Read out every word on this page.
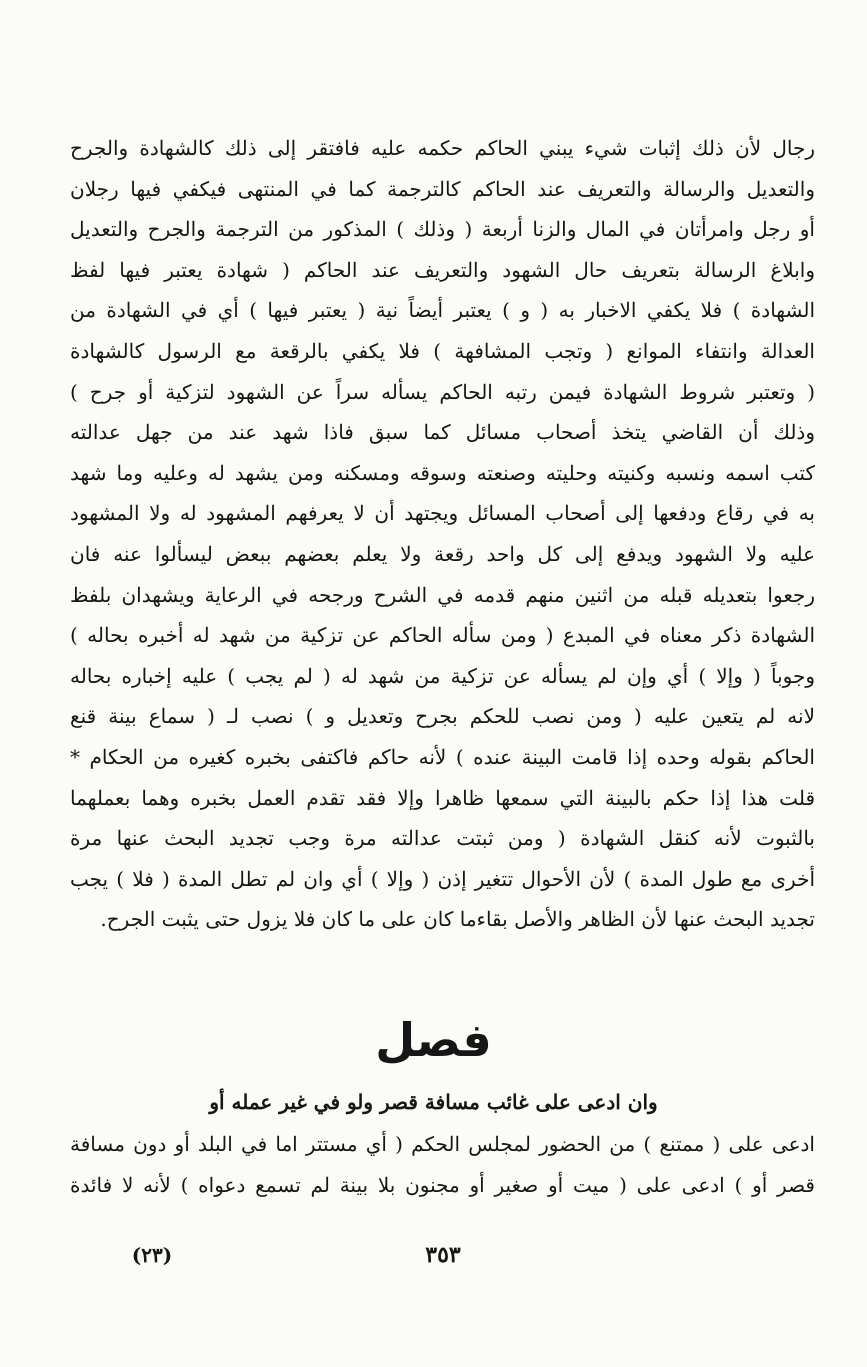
رجال لأن ذلك إثبات شيء يبني الحاكم حكمه عليه فافتقر إلى ذلك كالشهادة والجرح
والتعديل والرسالة والتعريف عند الحاكم كالترجمة كما في المنتهى فيكفي فيها رجلان
أو رجل وامرأتان في المال والزنا أربعة ( وذلك ) المذكور من الترجمة والجرح والتعديل
وابلاغ الرسالة بتعريف حال الشهود والتعريف عند الحاكم ( شهادة يعتبر فيها لفظ
الشهادة ) فلا يكفي الاخبار به ( و ) يعتبر أيضاً نية ( يعتبر فيها ) أي في الشهادة من
العدالة وانتفاء الموانع ( وتجب المشافهة ) فلا يكفي بالرقعة مع الرسول كالشهادة
( وتعتبر شروط الشهادة فيمن رتبه الحاكم يسأله سراً عن الشهود لتزكية أو جرح )
وذلك أن القاضي يتخذ أصحاب مسائل كما سبق فاذا شهد عند من جهل عدالته
كتب اسمه ونسبه وكنيته وحليته وصنعته وسوقه ومسكنه ومن يشهد له وعليه وما شهد
به في رقاع ودفعها إلى أصحاب المسائل ويجتهد أن لا يعرفهم المشهود له ولا المشهود
عليه ولا الشهود ويدفع إلى كل واحد رقعة ولا يعلم بعضهم ببعض ليسألوا عنه فان
رجعوا بتعديله قبله من اثنين منهم قدمه في الشرح ورجحه في الرعاية ويشهدان بلفظ
الشهادة ذكر معناه في المبدع ( ومن سأله الحاكم عن تزكية من شهد له أخبره بحاله )
وجوباً ( وإلا ) أي وإن لم يسأله عن تزكية من شهد له ( لم يجب ) عليه إخباره بحاله
لانه لم يتعين عليه ( ومن نصب للحكم بجرح وتعديل و ) نصب لـ ( سماع بينة قنع
الحاكم بقوله وحده إذا قامت البينة عنده ) لأنه حاكم فاكتفى بخبره كغيره من الحكام *
قلت هذا إذا حكم بالبينة التي سمعها ظاهرا وإلا فقد تقدم العمل بخبره وهما بعملهما
بالثبوت لأنه كنقل الشهادة ( ومن ثبتت عدالته مرة وجب تجديد البحث عنها مرة
أخرى مع طول المدة ) لأن الأحوال تتغير إذن ( وإلا ) أي وان لم تطل المدة ( فلا ) يجب
تجديد البحث عنها لأن الظاهر والأصل بقاءما كان على ما كان فلا يزول حتى يثبت الجرح.
فصل
وان ادعى على غائب مسافة قصر ولو في غير عمله أو
ادعى على ( ممتنع ) من الحضور لمجلس الحكم ( أي مستتر اما في البلد أو دون مسافة
قصر أو ) ادعى على ( ميت أو صغير أو مجنون بلا بينة لم تسمع دعواه ) لأنه لا فائدة
(٢٣)	٣٥٣
